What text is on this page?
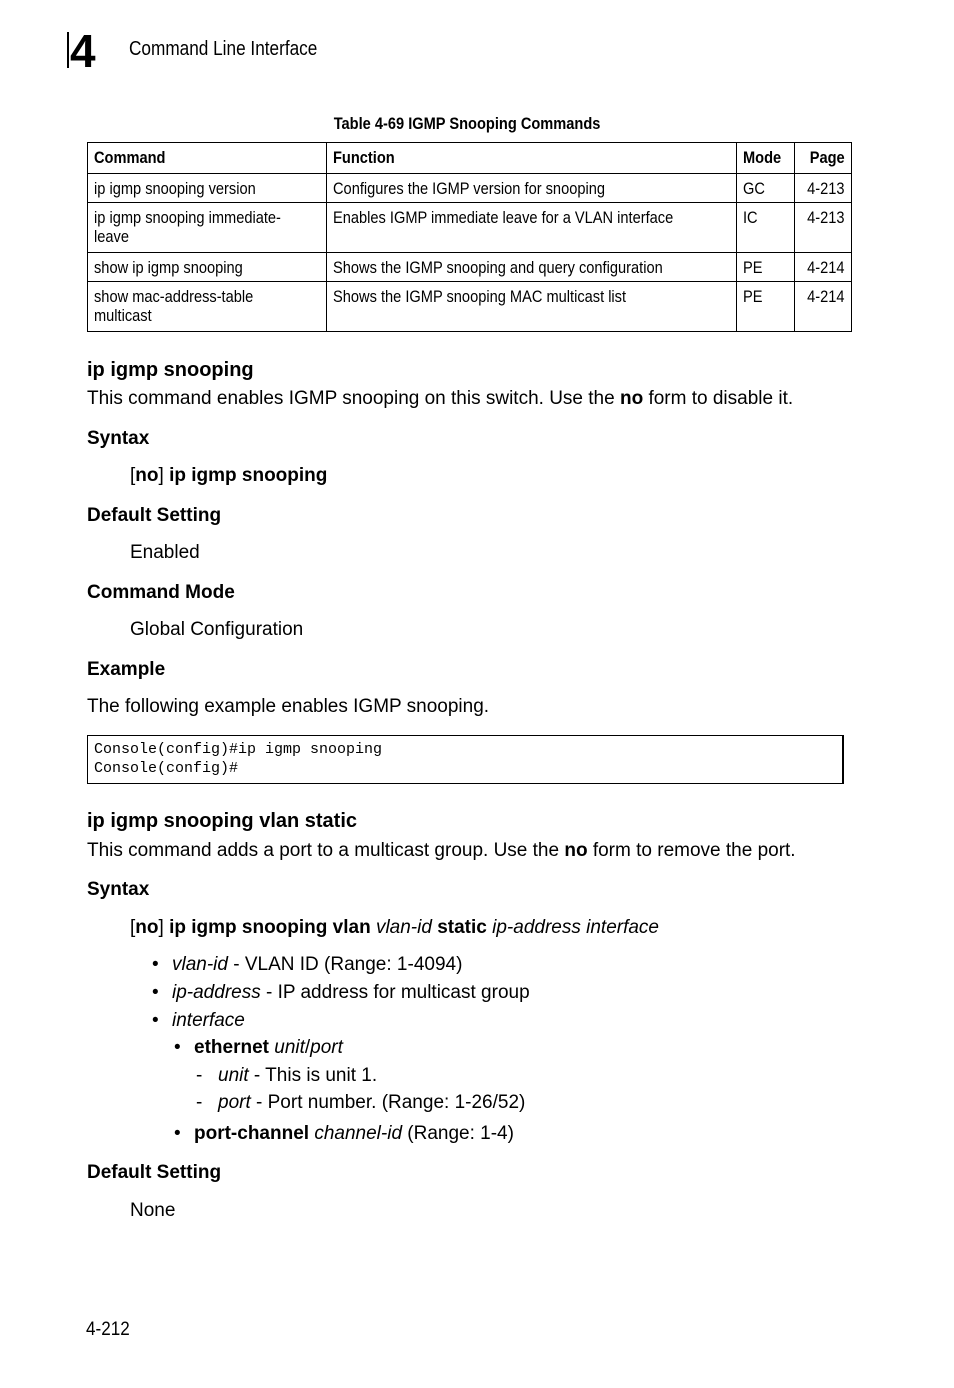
4 Command Line Interface
Table 4-69 IGMP Snooping Commands
Command	Function	Mode	Page
ip igmp snooping version	Configures the IGMP version for snooping	GC	4-213
ip igmp snooping immediate-leave	Enables IGMP immediate leave for a VLAN interface	IC	4-213
show ip igmp snooping	Shows the IGMP snooping and query configuration	PE	4-214
show mac-address-table multicast	Shows the IGMP snooping MAC multicast list	PE	4-214
ip igmp snooping
This command enables IGMP snooping on this switch. Use the no form to disable it.
Syntax
[no] ip igmp snooping
Default Setting
Enabled
Command Mode
Global Configuration
Example
The following example enables IGMP snooping.
Console(config)#ip igmp snooping
Console(config)#
ip igmp snooping vlan static
This command adds a port to a multicast group. Use the no form to remove the port.
Syntax
[no] ip igmp snooping vlan vlan-id static ip-address interface
• vlan-id - VLAN ID (Range: 1-4094)
• ip-address - IP address for multicast group
• interface
• ethernet unit/port
- unit - This is unit 1.
- port - Port number. (Range: 1-26/52)
• port-channel channel-id (Range: 1-4)
Default Setting
None
4-212
